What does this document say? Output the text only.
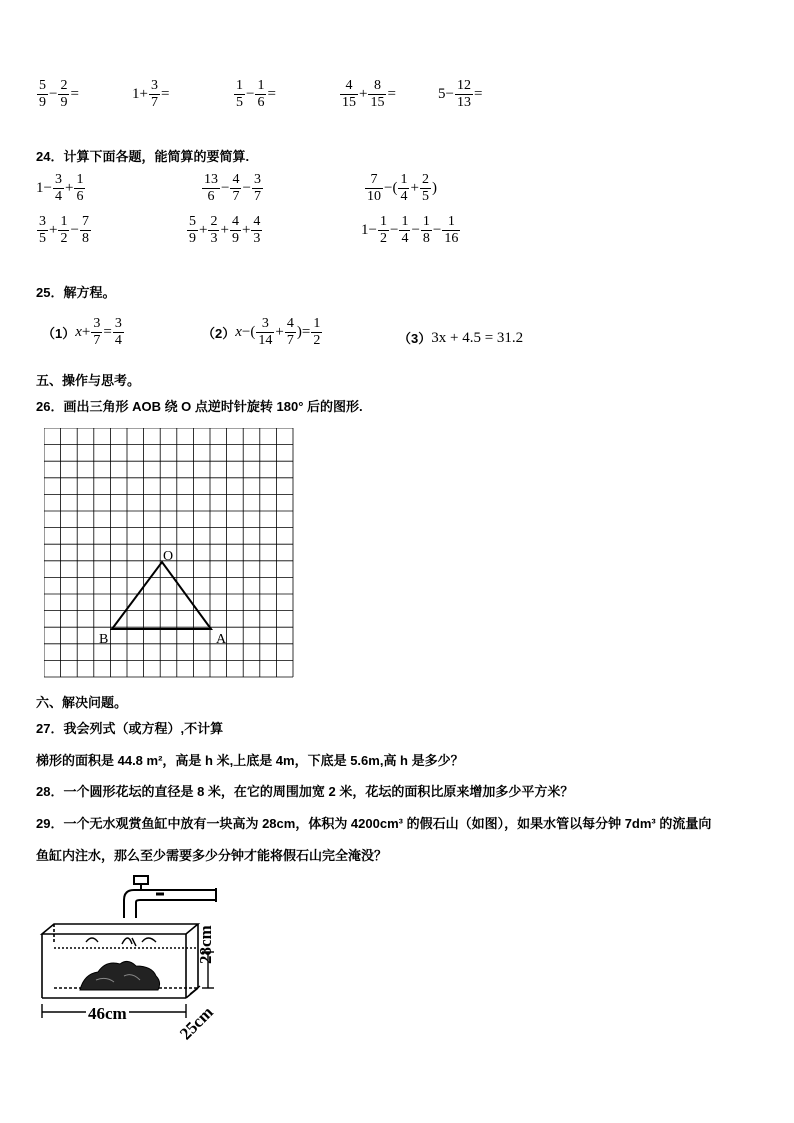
$\frac{5}{9} - \frac{2}{9}$ =	$1+ \frac{3}{7}$ =	$\frac{1}{5} - \frac{1}{6}$ =	$\frac{4}{15} + \frac{8}{15}$ =	$5- \frac{12}{13}$ =
24．计算下面各题，能简算的要简算.
$1- \frac{3}{4} + \frac{1}{6}$	$\frac{13}{6} - \frac{4}{7} - \frac{3}{7}$	$\frac{7}{10}$ −( $\frac{1}{4} + \frac{2}{5}$ )
$\frac{3}{5} + \frac{1}{2} - \frac{7}{8}$	$\frac{5}{9} + \frac{2}{3} + \frac{4}{9} + \frac{4}{3}$	$1- \frac{1}{2} - \frac{1}{4} - \frac{1}{8} - \frac{1}{16}$
25．解方程。
$(1)x+ \frac{3}{7} = \frac{3}{4}$	$(2)x-( \frac{3}{14} + \frac{4}{7}$ )= $\frac{1}{2}$	（3）3x + 4.5 = 31.2
五、操作与思考。
26．画出三角形 AOB 绕 O 点逆时针旋转 180° 后的图形.
O
B	A
六、解决问题。
27．我会列式（或方程）,不计算
梯形的面积是 44.8 m²，高是 h 米,上底是 4m，下底是 5.6m,高 h 是多少？
28．一个圆形花坛的直径是 8 米，在它的周围加宽 2 米，花坛的面积比原来增加多少平方米？
29．一个无水观赏鱼缸中放有一块高为 28cm，体积为 4200cm³ 的假石山（如图），如果水管以每分钟 7dm³ 的流量向
鱼缸内注水，那么至少需要多少分钟才能将假石山完全淹没？
46cm
28cm
25cm
